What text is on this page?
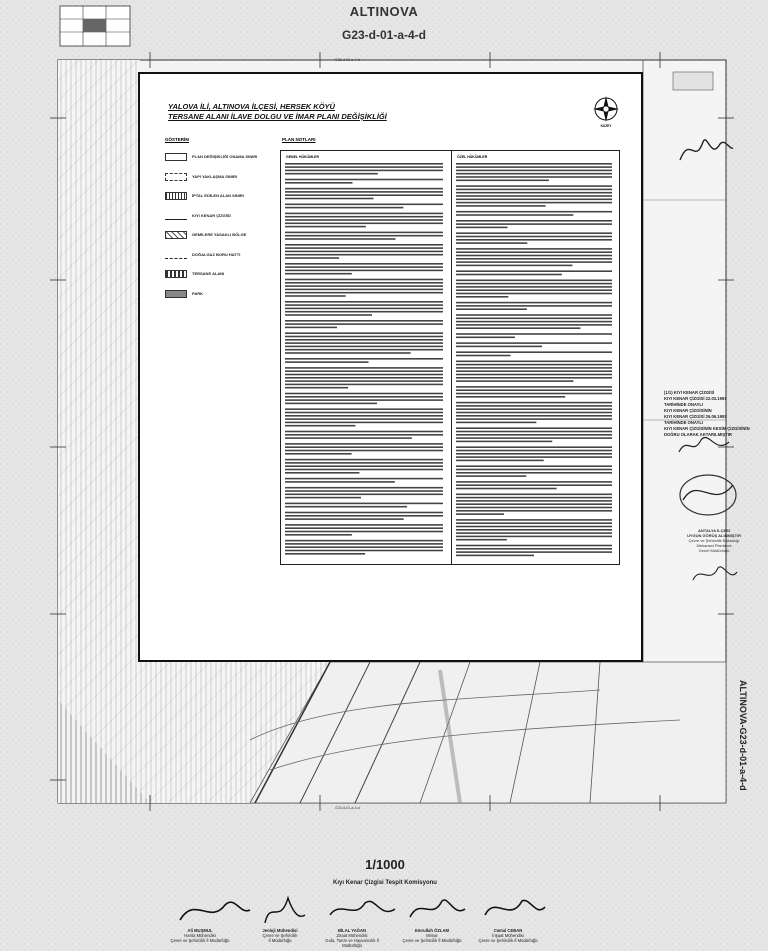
ALTINOVA
G23-d-01-a-4-d
G23-d-01-a-4-d
G23-d-01-a-4-d
YALOVA İLİ, ALTINOVA İLÇESİ, HERSEK KÖYÜ
TERSANE ALANI İLAVE DOLGU VE İMAR PLANI DEĞİŞİKLİĞİ
KUZEY
GÖSTERİM	PLAN NOTLARI
GENEL HÜKÜMLER	ÖZEL HÜKÜMLER
PLAN DEĞİŞİKLİĞİ ONAMA SINIRI
YAPI YAKLAŞMA SINIRI
İPTAL EDİLEN ALAN SINIRI
KIYI KENAR ÇİZGİSİ
GEMİLERE YASAKLI BÖLGE
DOĞALGAZ BORU HATTI
TERSANE ALANI
PARK
(1/1) KIYI KENAR ÇİZGİSİ
KIYI KENAR ÇİZGİSİ 22.03.1991
TARİHİNDE ONAYLI
KIYI KENAR ÇİZGİSİNİN
KIYI KENAR ÇİZGİSİ 26.06.1991
TARİHİNDE ONAYLI
KIYI KENAR ÇİZGİSİNİN KESİM ÇİZGİSİNİN
DOĞRU OLARAK AKTARILMIŞTIR
ANTALYA İLÇESİ
UYGUN GÖRÜŞ ALINMIŞTIR
Çevre ve Şehircilik Bakanlığı
Mekansal Planlama
Genel Müdürlüğü
ALTINOVA-G23-d-01-a-4-d
1/1000
Kıyı Kenar Çizgisi Tespit Komisyonu
Ali MUŞMUL
Harita Mühendisi
Çevre ve Şehircilik İl Müdürlüğü
Jeoloji Mühendisi
Çevre ve Şehircilik
İl Müdürlüğü
BİLAL YAĞAN
Ziraat Mühendisi
Gıda, Tarım ve Hayvancılık İl Müdürlüğü
Emrullah ÖZLAM
Mimar
Çevre ve Şehircilik İl Müdürlüğü
Cemal CEBAN
İnşaat Mühendisi
Çevre ve Şehircilik İl Müdürlüğü
